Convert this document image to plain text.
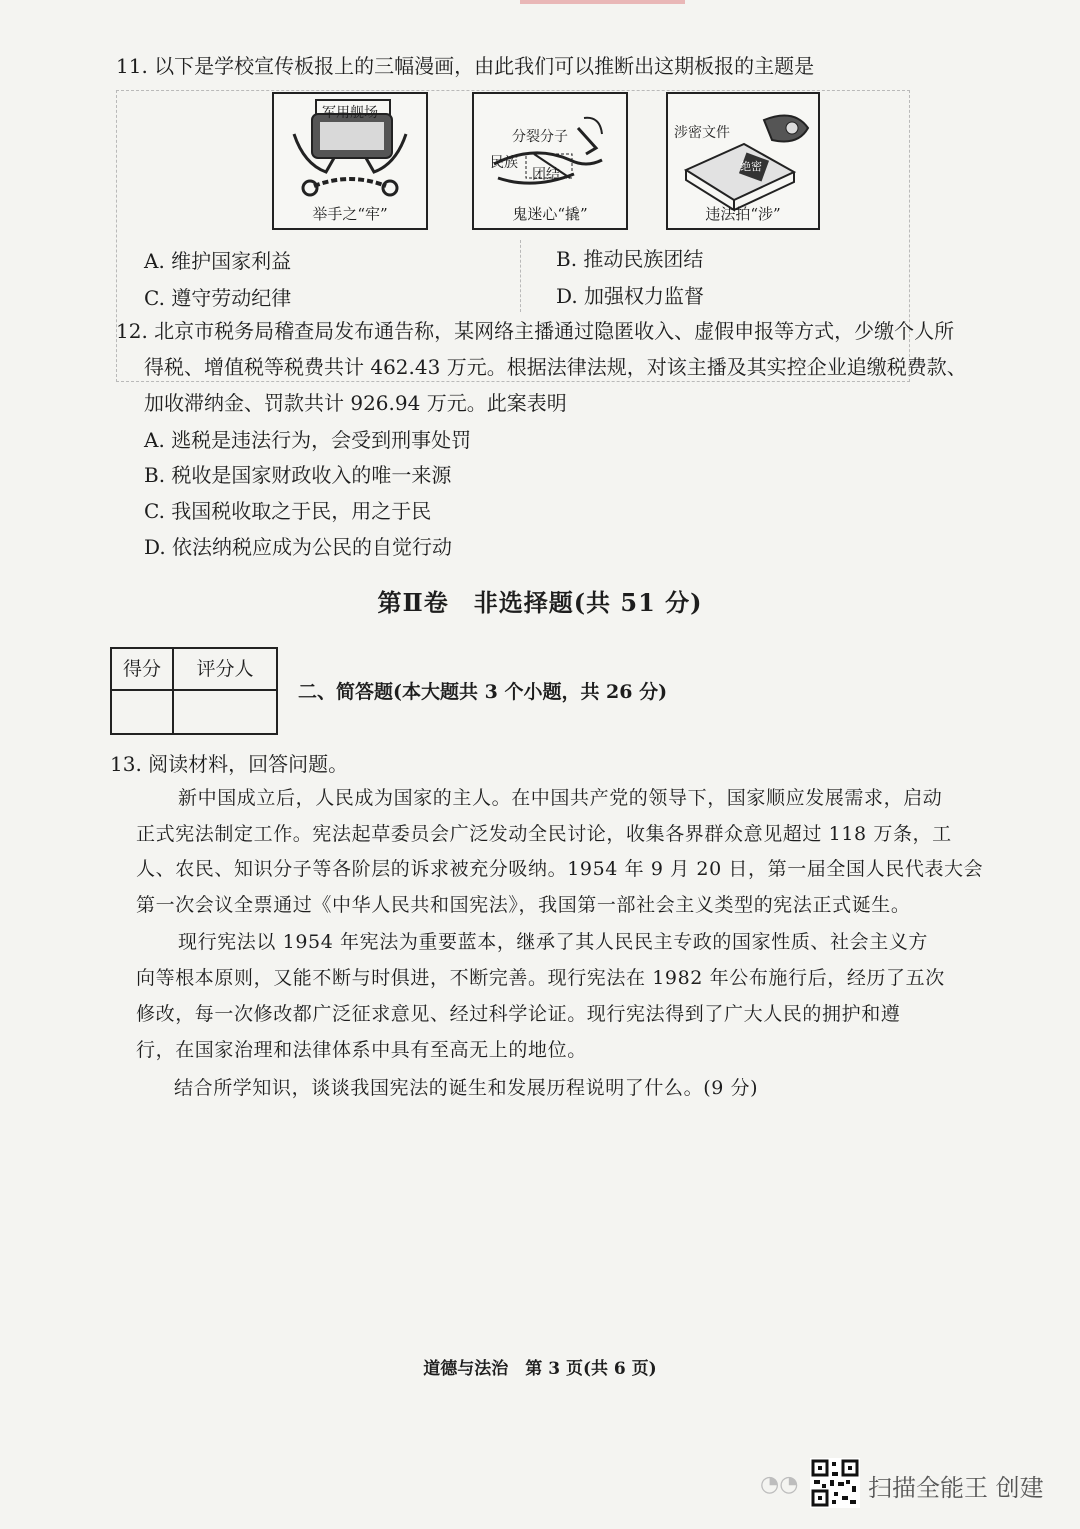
11. 以下是学校宣传板报上的三幅漫画，由此我们可以推断出这期板报的主题是
军用舰场
举手之“牢”
分裂分子
民族
团结
鬼迷心“撬”
涉密文件
绝密
违法拍“涉”
A. 维护国家利益	B. 推动民族团结
C. 遵守劳动纪律	D. 加强权力监督
12. 北京市税务局稽查局发布通告称，某网络主播通过隐匿收入、虚假申报等方式，少缴个人所
得税、增值税等税费共计 462.43 万元。根据法律法规，对该主播及其实控企业追缴税费款、
加收滞纳金、罚款共计 926.94 万元。此案表明
A. 逃税是违法行为，会受到刑事处罚
B. 税收是国家财政收入的唯一来源
C. 我国税收取之于民，用之于民
D. 依法纳税应成为公民的自觉行动
第Ⅱ卷　非选择题(共 51 分)
得分	评分人
二、简答题(本大题共 3 个小题，共 26 分)
13. 阅读材料，回答问题。
新中国成立后，人民成为国家的主人。在中国共产党的领导下，国家顺应发展需求，启动
正式宪法制定工作。宪法起草委员会广泛发动全民讨论，收集各界群众意见超过 118 万条，工
人、农民、知识分子等各阶层的诉求被充分吸纳。1954 年 9 月 20 日，第一届全国人民代表大会
第一次会议全票通过《中华人民共和国宪法》，我国第一部社会主义类型的宪法正式诞生。
现行宪法以 1954 年宪法为重要蓝本，继承了其人民民主专政的国家性质、社会主义方
向等根本原则，又能不断与时俱进，不断完善。现行宪法在 1982 年公布施行后，经历了五次
修改，每一次修改都广泛征求意见、经过科学论证。现行宪法得到了广大人民的拥护和遵
行，在国家治理和法律体系中具有至高无上的地位。
结合所学知识，谈谈我国宪法的诞生和发展历程说明了什么。(9 分)
道德与法治　第 3 页(共 6 页)
◔◔	扫描全能王 创建
